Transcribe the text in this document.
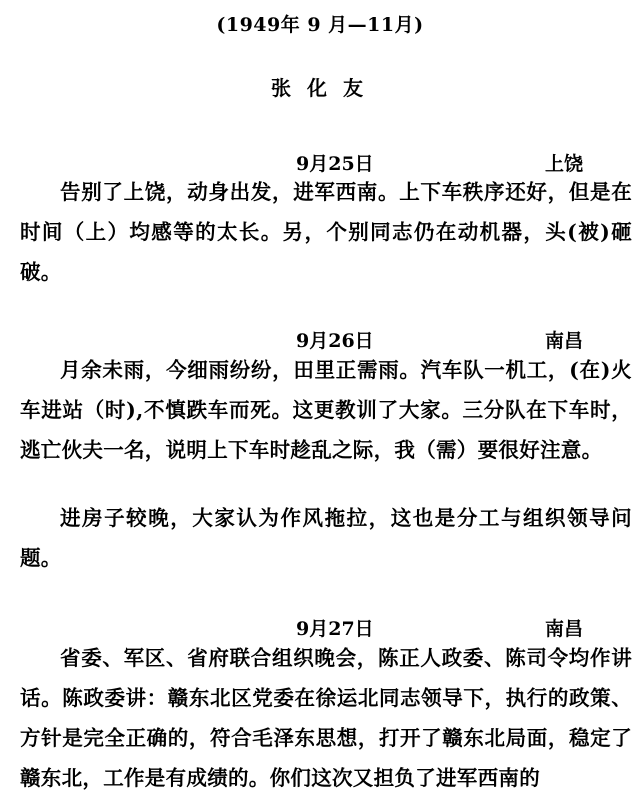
(1949年 9 月—11月)
张化友
9月25日	上饶
告别了上饶，动身出发，进军西南。上下车秩序还好，但是在时间（上）均感等的太长。另，个别同志仍在动机器，头(被)砸破。
9月26日	南昌
月余未雨，今细雨纷纷，田里正需雨。汽车队一机工，(在)火车进站（时),不慎跌车而死。这更教训了大家。三分队在下车时，逃亡伙夫一名，说明上下车时趁乱之际，我（需）要很好注意。
进房子较晚，大家认为作风拖拉，这也是分工与组织领导问题。
9月27日	南昌
省委、军区、省府联合组织晚会，陈正人政委、陈司令均作讲话。陈政委讲：赣东北区党委在徐运北同志领导下，执行的政策、方针是完全正确的，符合毛泽东思想，打开了赣东北局面，稳定了赣东北，工作是有成绩的。你们这次又担负了进军西南的
